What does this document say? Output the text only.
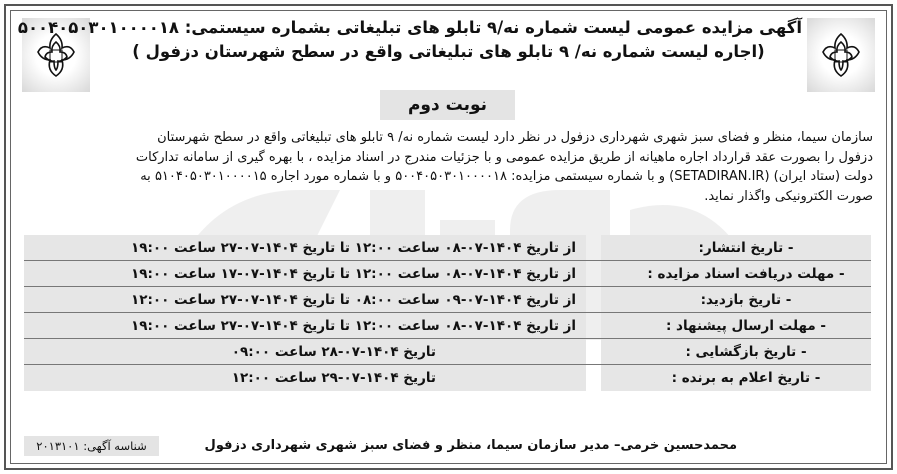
آگهی مزایده عمومی لیست شماره نه/۹ تابلو های تبلیغاتی بشماره سیستمی: ۵۰۰۴۰۵۰۳۰۱۰۰۰۰۱۸
(اجاره لیست شماره نه/ ۹ تابلو های تبلیغاتی واقع در سطح شهرستان دزفول )
نوبت دوم
سازمان سیما، منظر و فضای سبز شهری شهرداری دزفول در نظر دارد لیست شماره نه/ ۹ تابلو های تبلیغاتی واقع در سطح شهرستان
دزفول را بصورت عقد قرارداد اجاره ماهیانه از طریق مزایده عمومی و با جزئیات مندرج در اسناد مزایده ، با بهره گیری از سامانه تدارکات
دولت (ستاد ایران) (SETADIRAN.IR) و با شماره سیستمی مزایده: ۵۰۰۴۰۵۰۳۰۱۰۰۰۰۱۸ و با شماره مورد اجاره ۵۱۰۴۰۵۰۳۰۱۰۰۰۰۱۵ به
صورت الکترونیکی واگذار نماید.
- تاریخ انتشار:
از تاریخ ۱۴۰۴-۰۷-۰۸ ساعت ۱۲:۰۰ تا تاریخ ۱۴۰۴-۰۷-۲۷ ساعت ۱۹:۰۰
- مهلت دریافت اسناد مزایده :
از تاریخ ۱۴۰۴-۰۷-۰۸ ساعت ۱۲:۰۰ تا تاریخ ۱۴۰۴-۰۷-۱۷ ساعت ۱۹:۰۰
- تاریخ بازدید:
از تاریخ ۱۴۰۴-۰۷-۰۹ ساعت ۰۸:۰۰ تا تاریخ ۱۴۰۴-۰۷-۲۷ ساعت ۱۲:۰۰
- مهلت ارسال پیشنهاد :
از تاریخ ۱۴۰۴-۰۷-۰۸ ساعت ۱۲:۰۰ تا تاریخ ۱۴۰۴-۰۷-۲۷ ساعت ۱۹:۰۰
- تاریخ بازگشایی :
تاریخ ۱۴۰۴-۰۷-۲۸ ساعت ۰۹:۰۰
- تاریخ اعلام به برنده :
تاریخ ۱۴۰۴-۰۷-۲۹ ساعت ۱۲:۰۰
محمدحسین خرمی– مدیر سازمان سیما، منظر و فضای سبز شهری شهرداری دزفول
شناسه آگهی: ۲۰۱۳۱۰۱
